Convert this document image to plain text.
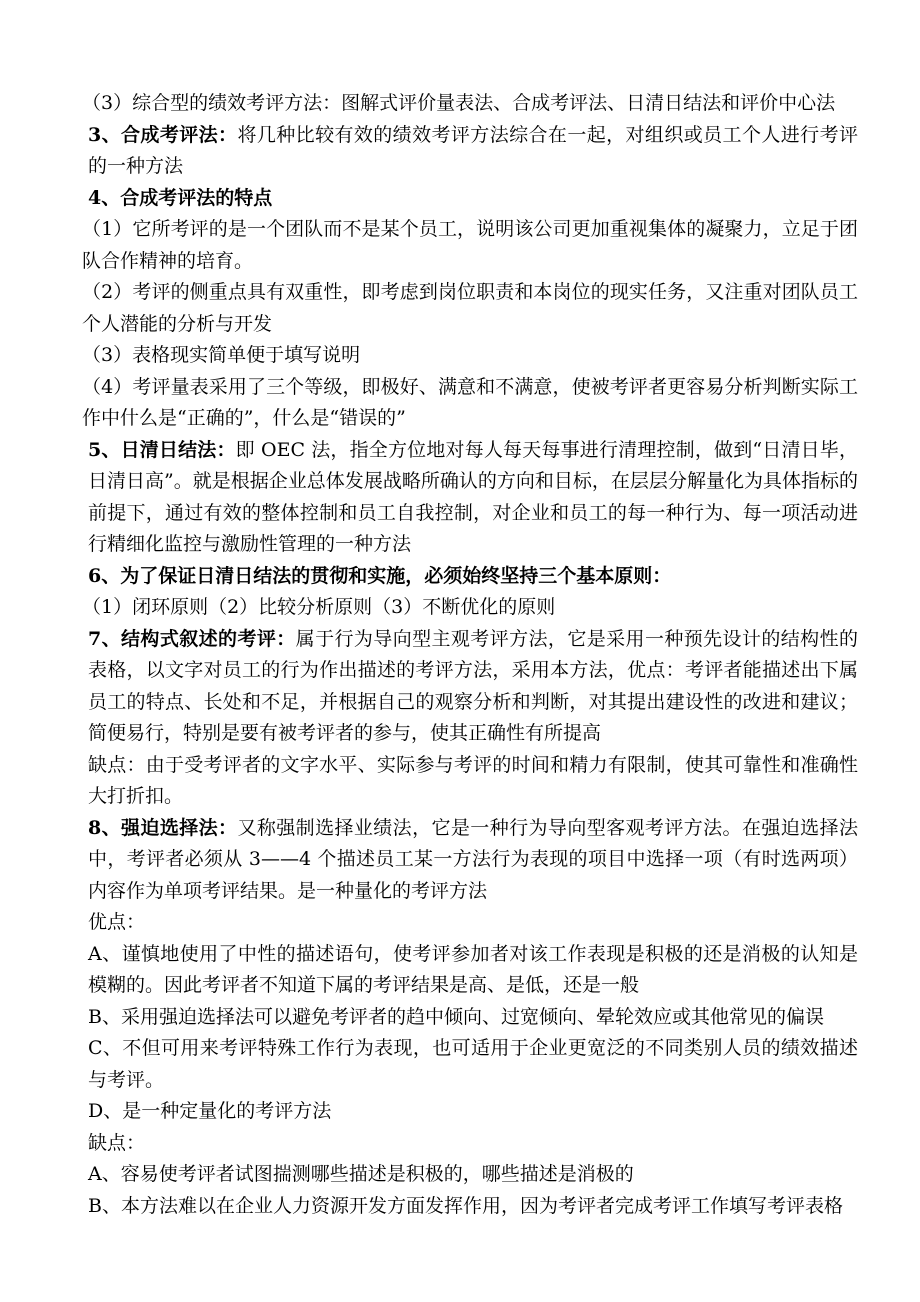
（3）综合型的绩效考评方法：图解式评价量表法、合成考评法、日清日结法和评价中心法

3、合成考评法：将几种比较有效的绩效考评方法综合在一起，对组织或员工个人进行考评的一种方法

4、合成考评法的特点

（1）它所考评的是一个团队而不是某个员工，说明该公司更加重视集体的凝聚力，立足于团队合作精神的培育。

（2）考评的侧重点具有双重性，即考虑到岗位职责和本岗位的现实任务，又注重对团队员工个人潜能的分析与开发

（3）表格现实简单便于填写说明

（4）考评量表采用了三个等级，即极好、满意和不满意，使被考评者更容易分析判断实际工作中什么是“正确的”，什么是“错误的”

5、日清日结法：即 OEC 法，指全方位地对每人每天每事进行清理控制，做到“日清日毕，日清日高”。就是根据企业总体发展战略所确认的方向和目标，在层层分解量化为具体指标的前提下，通过有效的整体控制和员工自我控制，对企业和员工的每一种行为、每一项活动进行精细化监控与激励性管理的一种方法

6、为了保证日清日结法的贯彻和实施，必须始终坚持三个基本原则：

（1）闭环原则（2）比较分析原则（3）不断优化的原则

7、结构式叙述的考评：属于行为导向型主观考评方法，它是采用一种预先设计的结构性的表格，以文字对员工的行为作出描述的考评方法，采用本方法，优点：考评者能描述出下属员工的特点、长处和不足，并根据自己的观察分析和判断，对其提出建设性的改进和建议；简便易行，特别是要有被考评者的参与，使其正确性有所提高

缺点：由于受考评者的文字水平、实际参与考评的时间和精力有限制，使其可靠性和准确性大打折扣。

8、强迫选择法：又称强制选择业绩法，它是一种行为导向型客观考评方法。在强迫选择法中，考评者必须从 3——4 个描述员工某一方法行为表现的项目中选择一项（有时选两项）内容作为单项考评结果。是一种量化的考评方法

优点：

A、谨慎地使用了中性的描述语句，使考评参加者对该工作表现是积极的还是消极的认知是模糊的。因此考评者不知道下属的考评结果是高、是低，还是一般

B、采用强迫选择法可以避免考评者的趋中倾向、过宽倾向、晕轮效应或其他常见的偏误

C、不但可用来考评特殊工作行为表现，也可适用于企业更宽泛的不同类别人员的绩效描述与考评。

D、是一种定量化的考评方法

缺点：

A、容易使考评者试图揣测哪些描述是积极的，哪些描述是消极的

B、本方法难以在企业人力资源开发方面发挥作用，因为考评者完成考评工作填写考评表格
